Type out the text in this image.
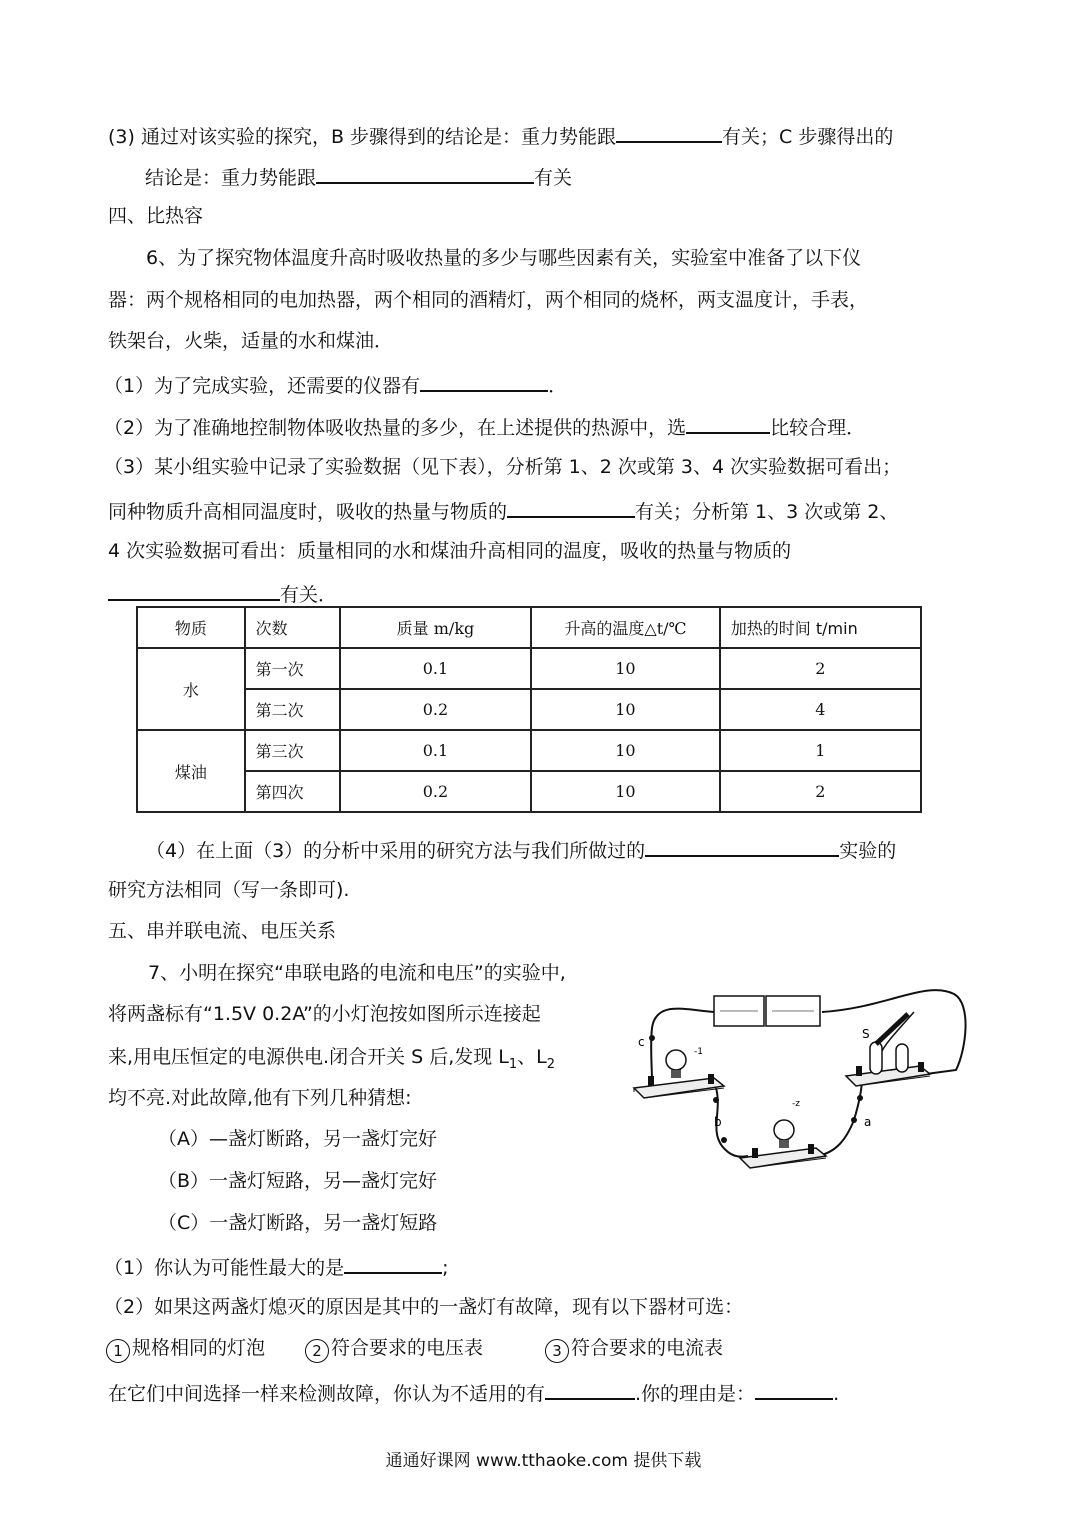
(3) 通过对该实验的探究，B 步骤得到的结论是：重力势能跟	有关；C 步骤得出的
结论是：重力势能跟	有关
四、比热容
6、为了探究物体温度升高时吸收热量的多少与哪些因素有关，实验室中准备了以下仪
器：两个规格相同的电加热器，两个相同的酒精灯，两个相同的烧杯，两支温度计，手表，
铁架台，火柴，适量的水和煤油．
（1）为了完成实验，还需要的仪器有	．
（2）为了准确地控制物体吸收热量的多少，在上述提供的热源中，选	比较合理．
（3）某小组实验中记录了实验数据（见下表），分析第 1、2 次或第 3、4 次实验数据可看出；
同种物质升高相同温度时，吸收的热量与物质的	有关；分析第 1、3 次或第 2、
4 次实验数据可看出：质量相同的水和煤油升高相同的温度，吸收的热量与物质的
有关．
物质	次数	质量 m/kg	升高的温度△t/℃	加热的时间 t/min
水	第一次	0.1	10	2
	第二次	0.2	10	4
煤油	第三次	0.1	10	1
	第四次	0.2	10	2
（4）在上面（3）的分析中采用的研究方法与我们所做过的	实验的
研究方法相同（写一条即可).
五、串并联电流、电压关系
7、小明在探究“串联电路的电流和电压”的实验中,
将两盏标有“1.5V 0.2A”的小灯泡按如图所示连接起
来,用电压恒定的电源供电.闭合开关 S 后,发现 $L_1$、$L_2$
均不亮.对此故障,他有下列几种猜想:
（A）—盏灯断路，另一盏灯完好
（B）一盏灯短路，另—盏灯完好
（C）一盏灯断路，另一盏灯短路
（1）你认为可能性最大的是	;
（2）如果这两盏灯熄灭的原因是其中的一盏灯有故障，现有以下器材可选：
1 规格相同的灯泡	2 符合要求的电压表	3 符合要求的电流表
在它们中间选择一样来检测故障，你认为不适用的有	.你的理由是：	.
c
S
b	a
-1
-z
通通好课网 www.tthaoke.com 提供下载
